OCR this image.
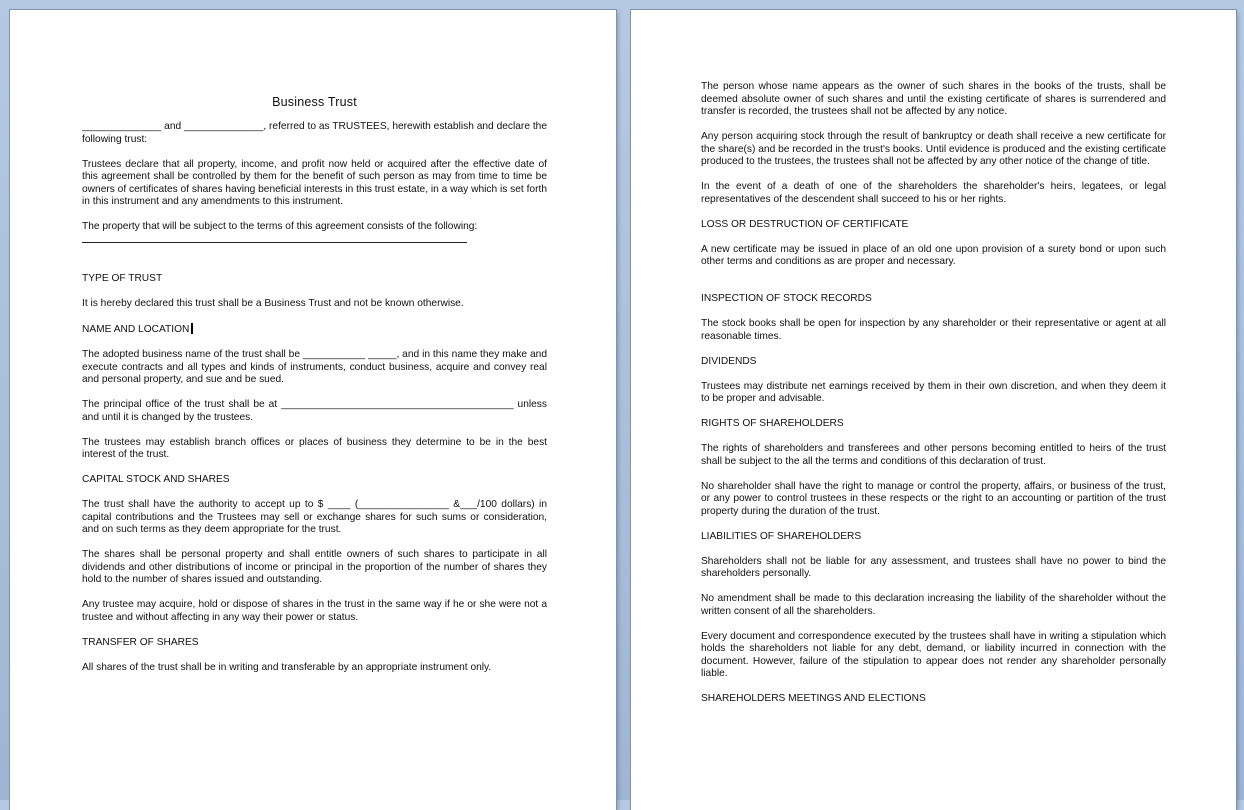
Business Trust

______________ and ______________, referred to as TRUSTEES, herewith establish and declare the following trust:

Trustees declare that all property, income, and profit now held or acquired after the effective date of this agreement shall be controlled by them for the benefit of such person as may from time to time be owners of certificates of shares having beneficial interests in this trust estate, in a way which is set forth in this instrument and any amendments to this instrument.

The property that will be subject to the terms of this agreement consists of the following:

TYPE OF TRUST

It is hereby declared this trust shall be a Business Trust and not be known otherwise.

NAME AND LOCATION

The adopted business name of the trust shall be ___________ _____, and in this name they make and execute contracts and all types and kinds of instruments, conduct business, acquire and convey real and personal property, and sue and be sued.

The principal office of the trust shall be at _________________________________________ unless and until it is changed by the trustees.

The trustees may establish branch offices or places of business they determine to be in the best interest of the trust.

CAPITAL STOCK AND SHARES

The trust shall have the authority to accept up to $ ____ (________________ &___/100 dollars) in capital contributions and the Trustees may sell or exchange shares for such sums or consideration, and on such terms as they deem appropriate for the trust.

The shares shall be personal property and shall entitle owners of such shares to participate in all dividends and other distributions of income or principal in the proportion of the number of shares they hold to the number of shares issued and outstanding.

Any trustee may acquire, hold or dispose of shares in the trust in the same way if he or she were not a trustee and without affecting in any way their power or status.

TRANSFER OF SHARES

All shares of the trust shall be in writing and transferable by an appropriate instrument only.

The person whose name appears as the owner of such shares in the books of the trusts, shall be deemed absolute owner of such shares and until the existing certificate of shares is surrendered and transfer is recorded, the trustees shall not be affected by any notice.

Any person acquiring stock through the result of bankruptcy or death shall receive a new certificate for the share(s) and be recorded in the trust's books. Until evidence is produced and the existing certificate produced to the trustees, the trustees shall not be affected by any other notice of the change of title.

In the event of a death of one of the shareholders the shareholder's heirs, legatees, or legal representatives of the descendent shall succeed to his or her rights.

LOSS OR DESTRUCTION OF CERTIFICATE

A new certificate may be issued in place of an old one upon provision of a surety bond or upon such other terms and conditions as are proper and necessary.

INSPECTION OF STOCK RECORDS

The stock books shall be open for inspection by any shareholder or their representative or agent at all reasonable times.

DIVIDENDS

Trustees may distribute net earnings received by them in their own discretion, and when they deem it to be proper and advisable.

RIGHTS OF SHAREHOLDERS

The rights of shareholders and transferees and other persons becoming entitled to heirs of the trust shall be subject to the all the terms and conditions of this declaration of trust.

No shareholder shall have the right to manage or control the property, affairs, or business of the trust, or any power to control trustees in these respects or the right to an accounting or partition of the trust property during the duration of the trust.

LIABILITIES OF SHAREHOLDERS

Shareholders shall not be liable for any assessment, and trustees shall have no power to bind the shareholders personally.

No amendment shall be made to this declaration increasing the liability of the shareholder without the written consent of all the shareholders.

Every document and correspondence executed by the trustees shall have in writing a stipulation which holds the shareholders not liable for any debt, demand, or liability incurred in connection with the document. However, failure of the stipulation to appear does not render any shareholder personally liable.

SHAREHOLDERS MEETINGS AND ELECTIONS
